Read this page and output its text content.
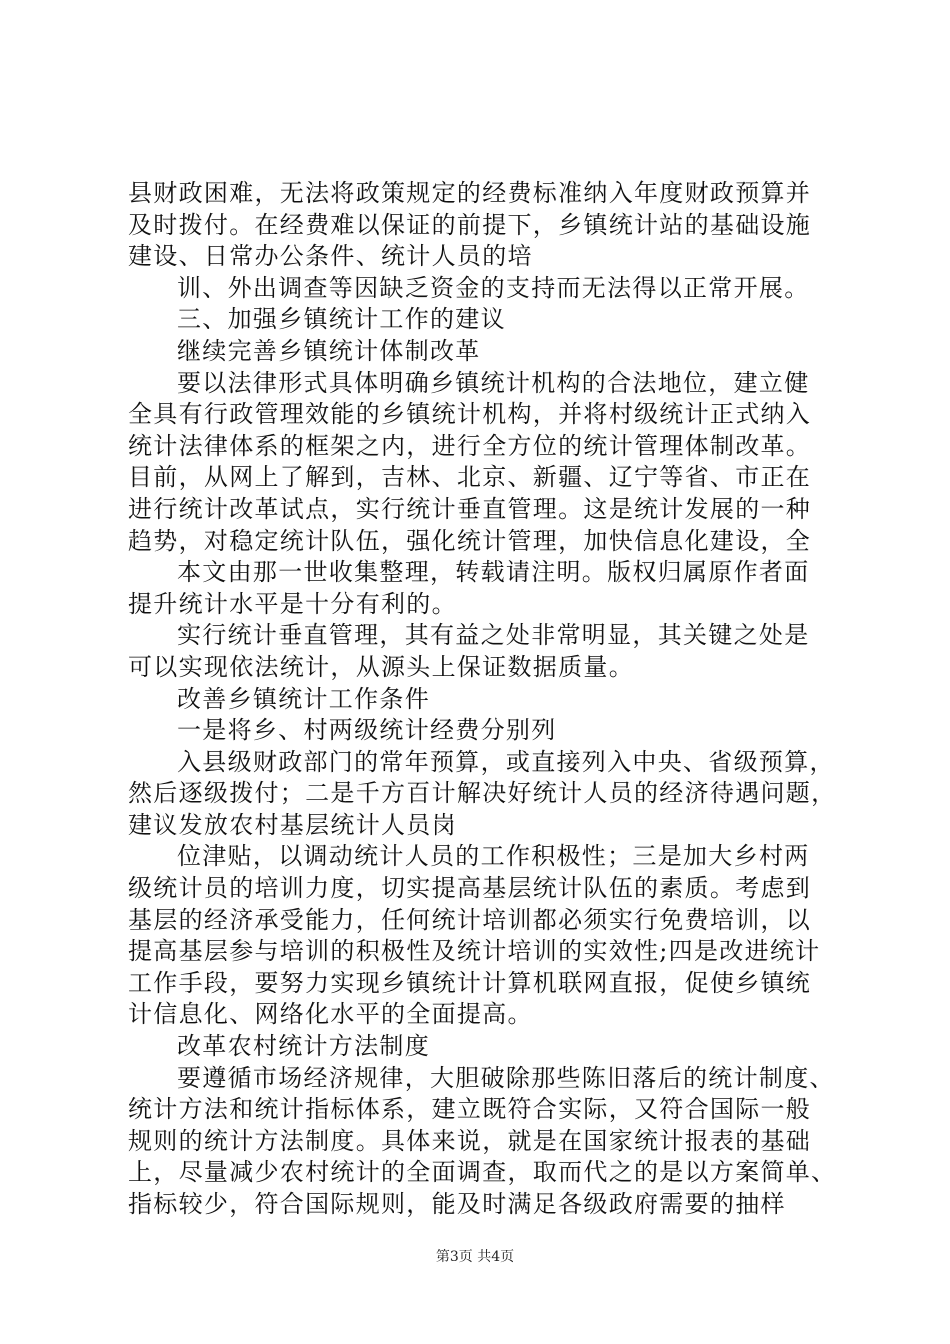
县财政困难，无法将政策规定的经费标准纳入年度财政预算并
及时拨付。在经费难以保证的前提下，乡镇统计站的基础设施
建设、日常办公条件、统计人员的培
训、外出调查等因缺乏资金的支持而无法得以正常开展。
三、加强乡镇统计工作的建议
继续完善乡镇统计体制改革
要以法律形式具体明确乡镇统计机构的合法地位，建立健
全具有行政管理效能的乡镇统计机构，并将村级统计正式纳入
统计法律体系的框架之内，进行全方位的统计管理体制改革。
目前，从网上了解到，吉林、北京、新疆、辽宁等省、市正在
进行统计改革试点，实行统计垂直管理。这是统计发展的一种
趋势，对稳定统计队伍，强化统计管理，加快信息化建设，全
本文由那一世收集整理，转载请注明。版权归属原作者面
提升统计水平是十分有利的。
实行统计垂直管理，其有益之处非常明显，其关键之处是
可以实现依法统计，从源头上保证数据质量。
改善乡镇统计工作条件
一是将乡、村两级统计经费分别列
入县级财政部门的常年预算，或直接列入中央、省级预算，
然后逐级拨付；二是千方百计解决好统计人员的经济待遇问题，
建议发放农村基层统计人员岗
位津贴，以调动统计人员的工作积极性；三是加大乡村两
级统计员的培训力度，切实提高基层统计队伍的素质。考虑到
基层的经济承受能力，任何统计培训都必须实行免费培训，以
提高基层参与培训的积极性及统计培训的实效性;四是改进统计
工作手段，要努力实现乡镇统计计算机联网直报，促使乡镇统
计信息化、网络化水平的全面提高。
改革农村统计方法制度
要遵循市场经济规律，大胆破除那些陈旧落后的统计制度、
统计方法和统计指标体系，建立既符合实际，又符合国际一般
规则的统计方法制度。具体来说，就是在国家统计报表的基础
上，尽量减少农村统计的全面调查，取而代之的是以方案简单、
指标较少，符合国际规则，能及时满足各级政府需要的抽样
第3页 共4页
